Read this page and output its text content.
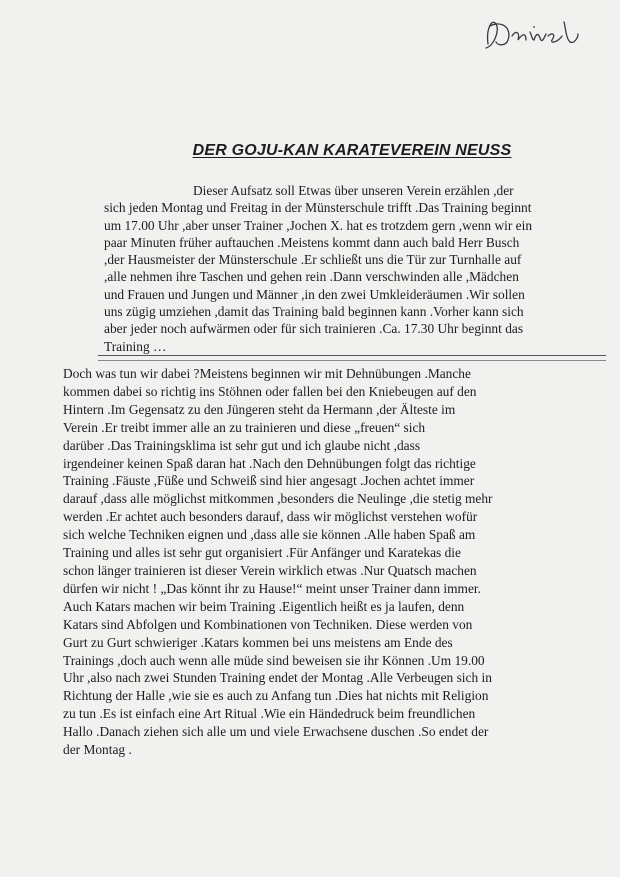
DER GOJU-KAN KARATEVEREIN NEUSS

Dieser Aufsatz soll Etwas über unseren Verein erzählen ,der
sich jeden Montag und Freitag in der Münsterschule trifft .Das Training beginnt
um 17.00 Uhr ,aber unser Trainer ,Jochen X. hat es trotzdem gern ,wenn wir ein
paar Minuten früher auftauchen .Meistens kommt dann auch bald Herr Busch
,der Hausmeister der Münsterschule .Er schließt uns die Tür zur Turnhalle auf
,alle nehmen ihre Taschen und gehen rein .Dann verschwinden alle ,Mädchen
und Frauen und Jungen und Männer ,in den zwei Umkleideräumen .Wir sollen
uns zügig umziehen ,damit das Training bald beginnen kann .Vorher kann sich
aber jeder noch aufwärmen oder für sich trainieren .Ca. 17.30 Uhr beginnt das
Training …

Doch was tun wir dabei ?Meistens beginnen wir mit Dehnübungen .Manche
kommen dabei so richtig ins Stöhnen oder fallen bei den Kniebeugen auf den
Hintern .Im Gegensatz zu den Jüngeren steht da Hermann ,der Älteste im
Verein .Er treibt immer alle an zu trainieren und diese „freuen“ sich
darüber .Das Trainingsklima ist sehr gut und ich glaube nicht ,dass
irgendeiner keinen Spaß daran hat .Nach den Dehnübungen folgt das richtige
Training .Fäuste ,Füße und Schweiß sind hier angesagt .Jochen achtet immer
darauf ,dass alle möglichst mitkommen ,besonders die Neulinge ,die stetig mehr
werden .Er achtet auch besonders darauf, dass wir möglichst verstehen wofür
sich welche Techniken eignen und ,dass alle sie können .Alle haben Spaß am
Training und alles ist sehr gut organisiert .Für Anfänger und Karatekas die
schon länger trainieren ist dieser Verein wirklich etwas .Nur Quatsch machen
dürfen wir nicht ! „Das könnt ihr zu Hause!“ meint unser Trainer dann immer.
Auch Katars machen wir beim Training .Eigentlich heißt es ja laufen, denn
Katars sind Abfolgen und Kombinationen von Techniken. Diese werden von
Gurt zu Gurt schwieriger .Katars kommen bei uns meistens am Ende des
Trainings ,doch auch wenn alle müde sind beweisen sie ihr Können .Um 19.00
Uhr ,also nach zwei Stunden Training endet der Montag .Alle Verbeugen sich in
Richtung der Halle ,wie sie es auch zu Anfang tun .Dies hat nichts mit Religion
zu tun .Es ist einfach eine Art Ritual .Wie ein Händedruck beim freundlichen
Hallo .Danach ziehen sich alle um und viele Erwachsene duschen .So endet der
der Montag .
